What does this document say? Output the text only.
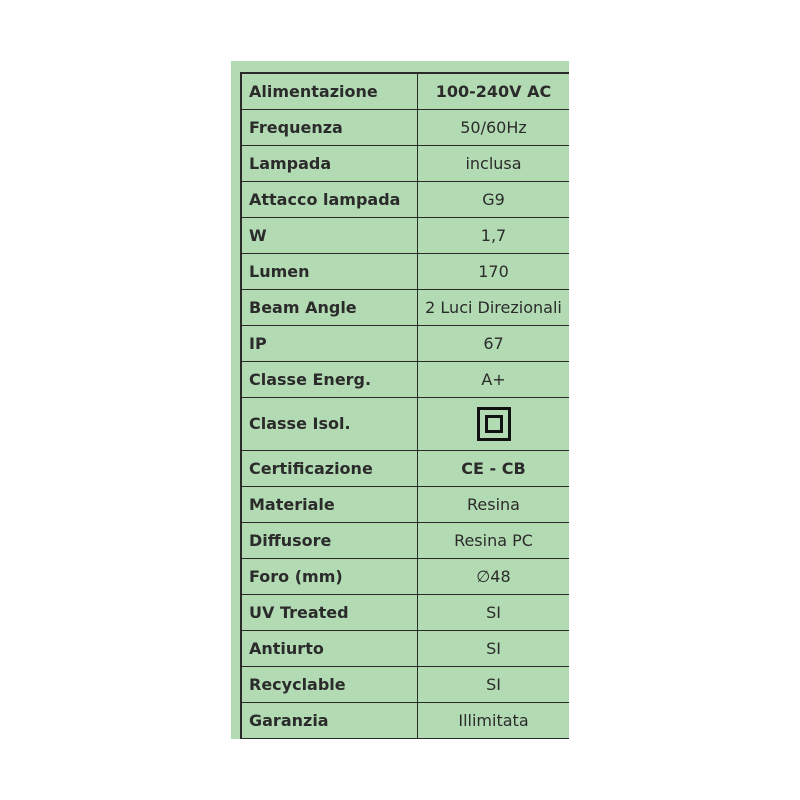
Alimentazione	100-240V AC
Frequenza	50/60Hz
Lampada	inclusa
Attacco lampada	G9
W	1,7
Lumen	170
Beam Angle	2 Luci Direzionali
IP	67
Classe Energ.	A+
Classe Isol.	
Certificazione	CE - CB
Materiale	Resina
Diffusore	Resina PC
Foro (mm)	∅48
UV Treated	SI
Antiurto	SI
Recyclable	SI
Garanzia	Illimitata
